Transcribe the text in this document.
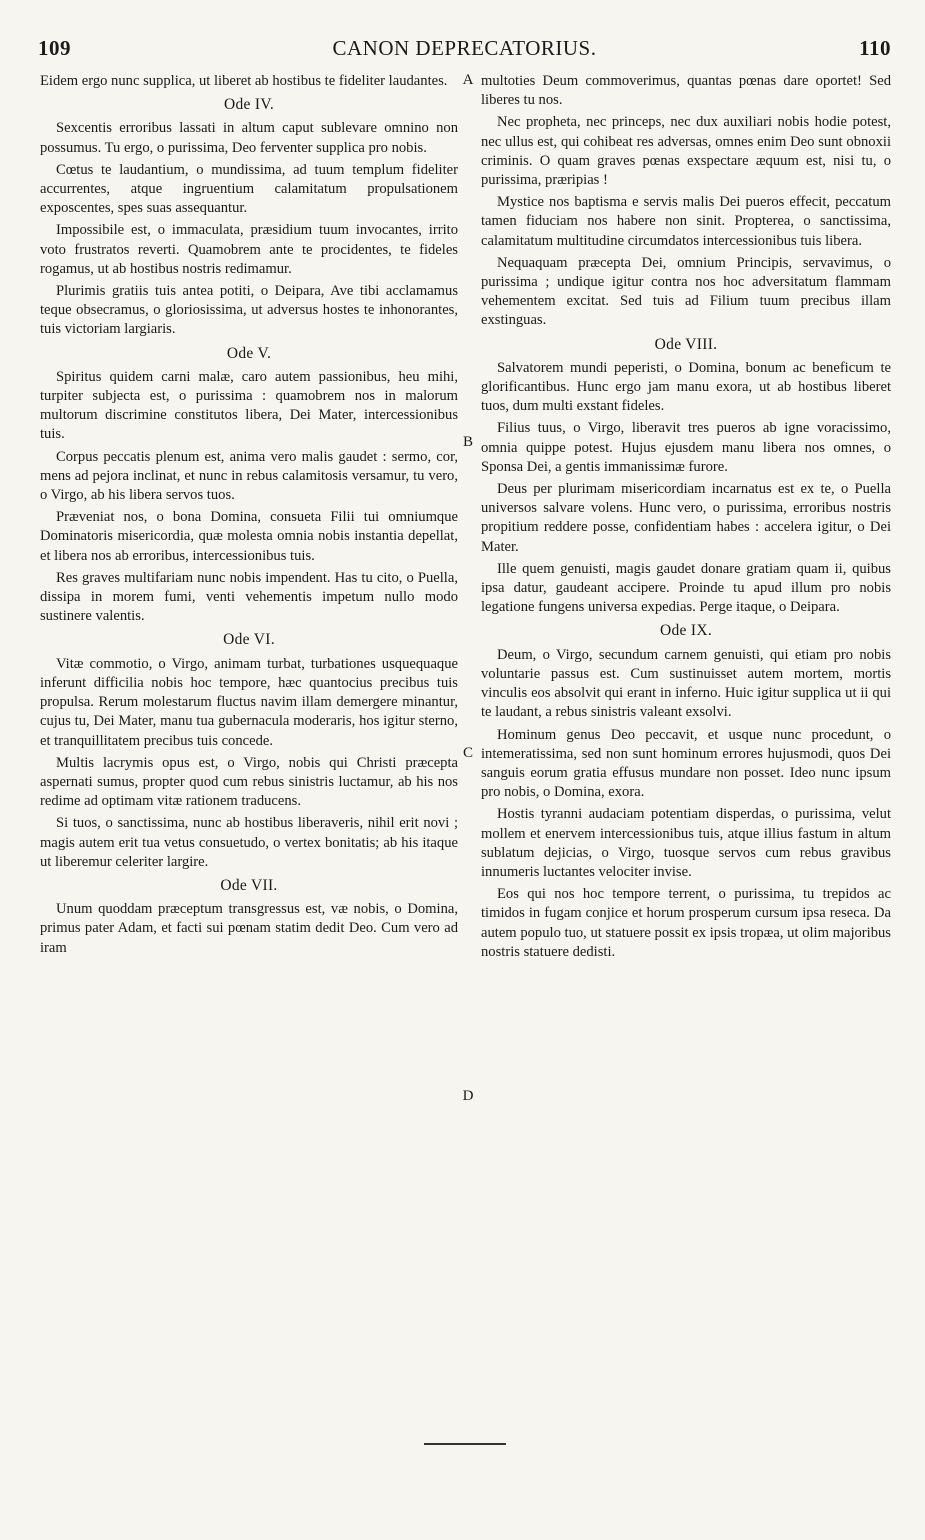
109	CANON DEPRECATORIUS.	110

Eidem ergo nunc supplica, ut liberet ab hostibus te fideliter laudantes.

Ode IV.

Sexcentis erroribus lassati in altum caput sublevare omnino non possumus. Tu ergo, o purissima, Deo ferventer supplica pro nobis.

Cœtus te laudantium, o mundissima, ad tuum templum fideliter accurrentes, atque ingruentium calamitatum propulsationem exposcentes, spes suas assequantur.

Impossibile est, o immaculata, præsidium tuum invocantes, irrito voto frustratos reverti. Quamobrem ante te procidentes, te fideles rogamus, ut ab hostibus nostris redimamur.

Plurimis gratiis tuis antea potiti, o Deipara, Ave tibi acclamamus teque obsecramus, o gloriosissima, ut adversus hostes te inhonorantes, tuis victoriam largiaris.

Ode V.

Spiritus quidem carni malæ, caro autem passionibus, heu mihi, turpiter subjecta est, o purissima : quamobrem nos in malorum multorum discrimine constitutos libera, Dei Mater, intercessionibus tuis.

Corpus peccatis plenum est, anima vero malis gaudet : sermo, cor, mens ad pejora inclinat, et nunc in rebus calamitosis versamur, tu vero, o Virgo, ab his libera servos tuos.

Præveniat nos, o bona Domina, consueta Filii tui omniumque Dominatoris misericordia, quæ molesta omnia nobis instantia depellat, et libera nos ab erroribus, intercessionibus tuis.

Res graves multifariam nunc nobis impendent. Has tu cito, o Puella, dissipa in morem fumi, venti vehementis impetum nullo modo sustinere valentis.

Ode VI.

Vitæ commotio, o Virgo, animam turbat, turbationes usquequaque inferunt difficilia nobis hoc tempore, hæc quantocius precibus tuis propulsa. Rerum molestarum fluctus navim illam demergere minantur, cujus tu, Dei Mater, manu tua gubernacula moderaris, hos igitur sterno, et tranquillitatem precibus tuis concede.

Multis lacrymis opus est, o Virgo, nobis qui Christi præcepta aspernati sumus, propter quod cum rebus sinistris luctamur, ab his nos redime ad optimam vitæ rationem traducens.

Si tuos, o sanctissima, nunc ab hostibus liberaveris, nihil erit novi ; magis autem erit tua vetus consuetudo, o vertex bonitatis; ab his itaque ut liberemur celeriter largire.

Ode VII.

Unum quoddam præceptum transgressus est, væ nobis, o Domina, primus pater Adam, et facti sui pœnam statim dedit Deo. Cum vero ad iram

multoties Deum commoverimus, quantas pœnas dare oportet! Sed liberes tu nos.

Nec propheta, nec princeps, nec dux auxiliari nobis hodie potest, nec ullus est, qui cohibeat res adversas, omnes enim Deo sunt obnoxii criminis. O quam graves pœnas exspectare æquum est, nisi tu, o purissima, præripias !

Mystice nos baptisma e servis malis Dei pueros effecit, peccatum tamen fiduciam nos habere non sinit. Propterea, o sanctissima, calamitatum multitudine circumdatos intercessionibus tuis libera.

Nequaquam præcepta Dei, omnium Principis, servavimus, o purissima ; undique igitur contra nos hoc adversitatum flammam vehementem excitat. Sed tuis ad Filium tuum precibus illam exstinguas.

Ode VIII.

Salvatorem mundi peperisti, o Domina, bonum ac beneficum te glorificantibus. Hunc ergo jam manu exora, ut ab hostibus liberet tuos, dum multi exstant fideles.

Filius tuus, o Virgo, liberavit tres pueros ab igne voracissimo, omnia quippe potest. Hujus ejusdem manu libera nos omnes, o Sponsa Dei, a gentis immanissimæ furore.

Deus per plurimam misericordiam incarnatus est ex te, o Puella universos salvare volens. Hunc vero, o purissima, erroribus nostris propitium reddere posse, confidentiam habes : accelera igitur, o Dei Mater.

Ille quem genuisti, magis gaudet donare gratiam quam ii, quibus ipsa datur, gaudeant accipere. Proinde tu apud illum pro nobis legatione fungens universa expedias. Perge itaque, o Deipara.

Ode IX.

Deum, o Virgo, secundum carnem genuisti, qui etiam pro nobis voluntarie passus est. Cum sustinuisset autem mortem, mortis vinculis eos absolvit qui erant in inferno. Huic igitur supplica ut ii qui te laudant, a rebus sinistris valeant exsolvi.

Hominum genus Deo peccavit, et usque nunc procedunt, o intemeratissima, sed non sunt hominum errores hujusmodi, quos Dei sanguis eorum gratia effusus mundare non posset. Ideo nunc ipsum pro nobis, o Domina, exora.

Hostis tyranni audaciam potentiam disperdas, o purissima, velut mollem et enervem intercessionibus tuis, atque illius fastum in altum sublatum dejicias, o Virgo, tuosque servos cum rebus gravibus innumeris luctantes velociter invise.

Eos qui nos hoc tempore terrent, o purissima, tu trepidos ac timidos in fugam conjice et horum prosperum cursum ipsa reseca. Da autem populo tuo, ut statuere possit ex ipsis tropæa, ut olim majoribus nostris statuere dedisti.

A
B
C
D
